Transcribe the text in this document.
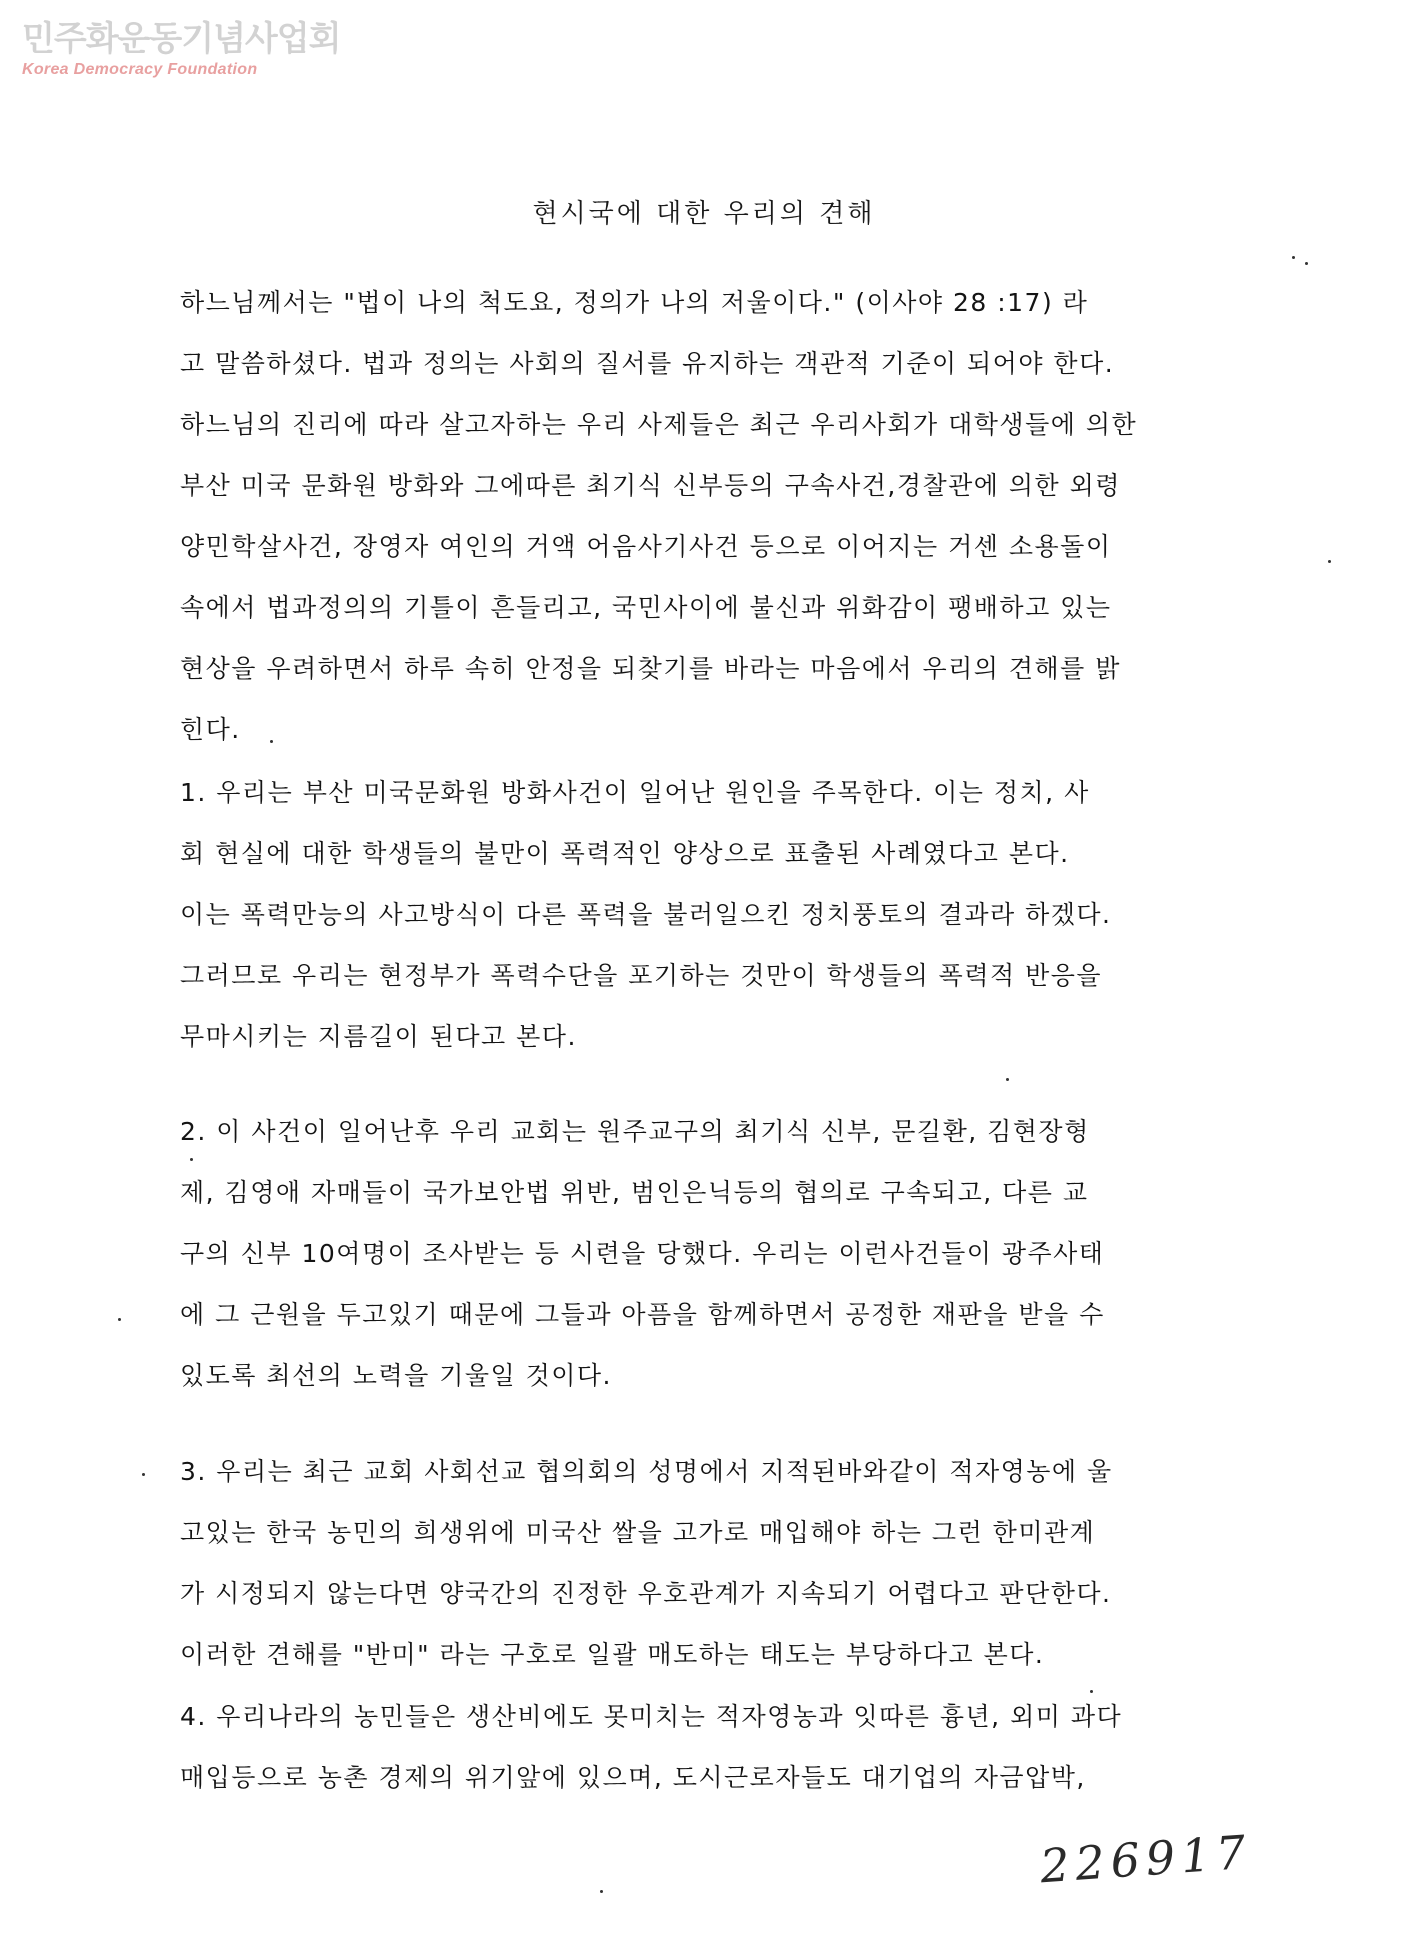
민주화운동기념사업회
Korea Democracy Foundation
현시국에 대한 우리의 견해

하느님께서는 "법이 나의 척도요, 정의가 나의 저울이다." (이사야 28 :17) 라

고 말씀하셨다. 법과 정의는 사회의 질서를 유지하는 객관적 기준이 되어야 한다.

하느님의 진리에 따라 살고자하는 우리 사제들은 최근 우리사회가 대학생들에 의한

부산 미국 문화원 방화와 그에따른 최기식 신부등의 구속사건,경찰관에 의한 외령

양민학살사건, 장영자 여인의 거액 어음사기사건 등으로 이어지는 거센 소용돌이

속에서 법과정의의 기틀이 흔들리고, 국민사이에 불신과 위화감이 팽배하고 있는

현상을 우려하면서 하루 속히 안정을 되찾기를 바라는 마음에서 우리의 견해를 밝

힌다.

1. 우리는 부산 미국문화원 방화사건이 일어난 원인을 주목한다. 이는 정치, 사

회 현실에 대한 학생들의 불만이 폭력적인 양상으로 표출된 사례였다고 본다.

이는 폭력만능의 사고방식이 다른 폭력을 불러일으킨 정치풍토의 결과라 하겠다.

그러므로 우리는 현정부가 폭력수단을 포기하는 것만이 학생들의 폭력적 반응을

무마시키는 지름길이 된다고 본다.

2. 이 사건이 일어난후 우리 교회는 원주교구의 최기식 신부, 문길환, 김현장형

제, 김영애 자매들이 국가보안법 위반, 범인은닉등의 협의로 구속되고, 다른 교

구의 신부 10여명이 조사받는 등 시련을 당했다. 우리는 이런사건들이 광주사태

에 그 근원을 두고있기 때문에 그들과 아픔을 함께하면서 공정한 재판을 받을 수

있도록 최선의 노력을 기울일 것이다.

3. 우리는 최근 교회 사회선교 협의회의 성명에서 지적된바와같이 적자영농에 울

고있는 한국 농민의 희생위에 미국산 쌀을 고가로 매입해야 하는 그런 한미관계

가 시정되지 않는다면 양국간의 진정한 우호관계가 지속되기 어렵다고 판단한다.

이러한 견해를 "반미" 라는 구호로 일괄 매도하는 태도는 부당하다고 본다.

4. 우리나라의 농민들은 생산비에도 못미치는 적자영농과 잇따른 흉년, 외미 과다

매입등으로 농촌 경제의 위기앞에 있으며, 도시근로자들도 대기업의 자금압박,

226917
